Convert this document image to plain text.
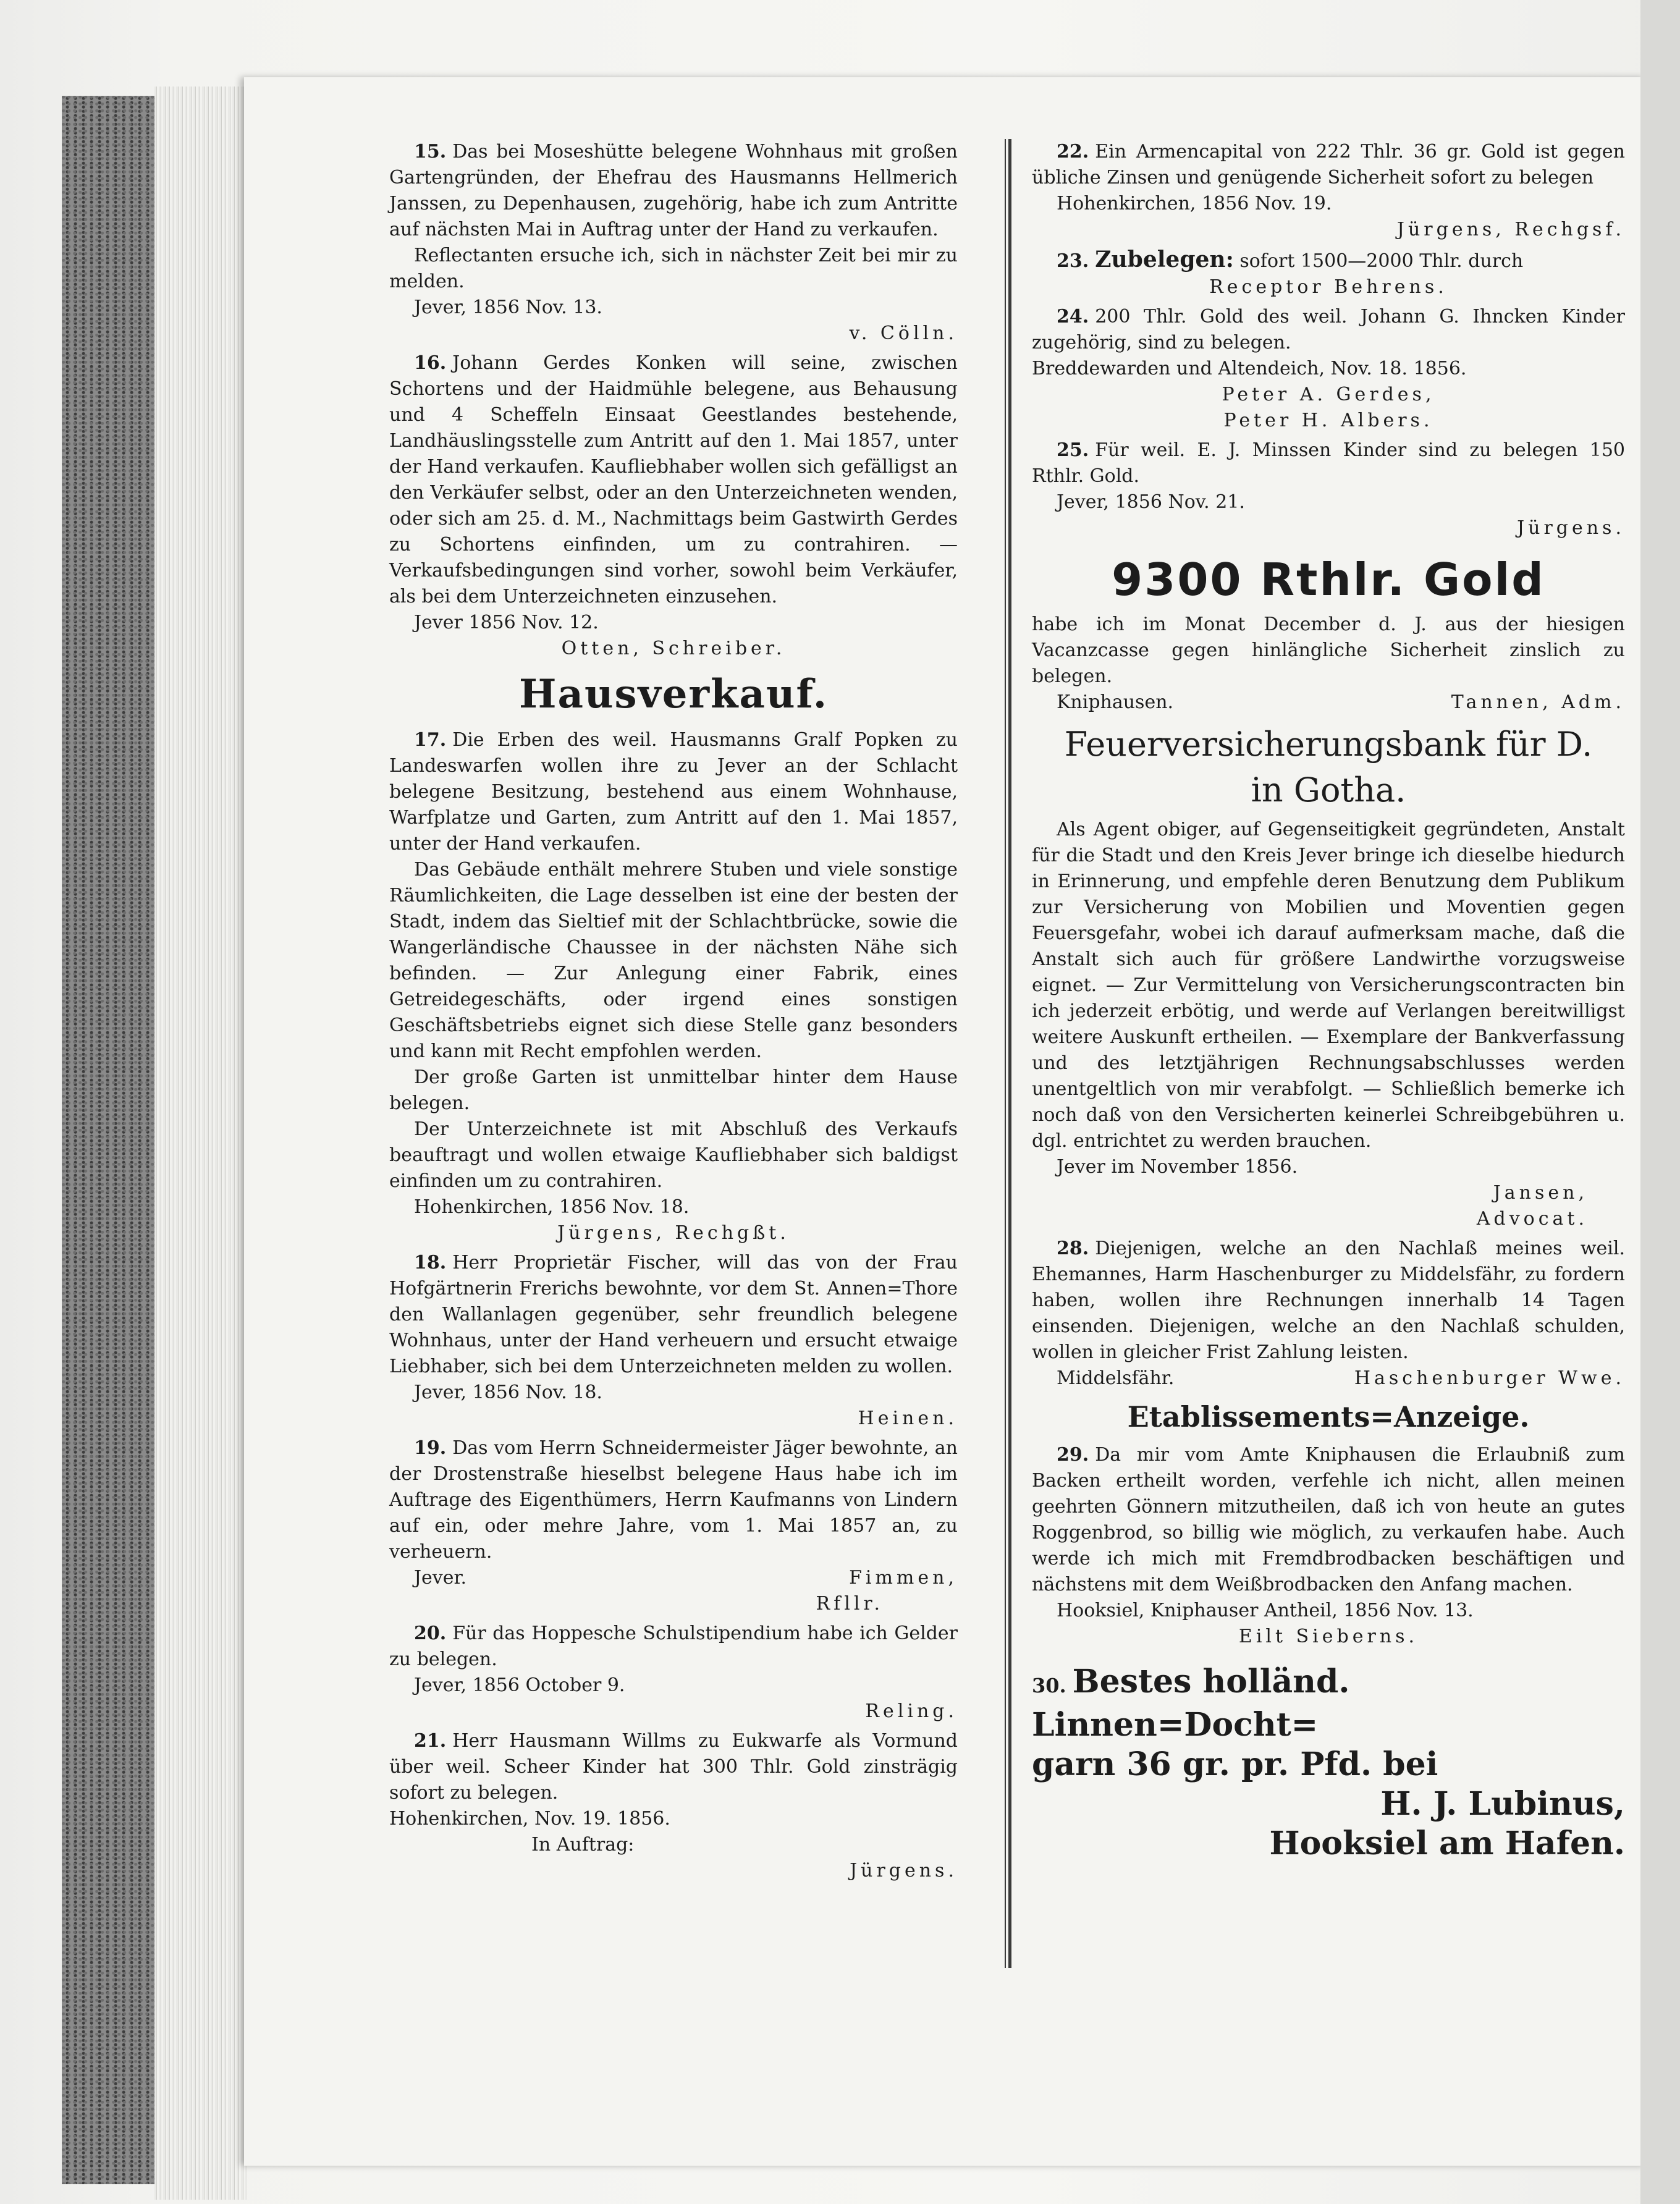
15. Das bei Moseshütte belegene Wohnhaus mit großen Gartengründen, der Ehefrau des Hausmanns Hellmerich Janssen, zu Depenhausen, zugehörig, habe ich zum Antritte auf nächsten Mai in Auftrag unter der Hand zu verkaufen.

Reflectanten ersuche ich, sich in nächster Zeit bei mir zu melden.

Jever, 1856 Nov. 13.

v. Cölln.

16. Johann Gerdes Konken will seine, zwischen Schortens und der Haidmühle belegene, aus Behausung und 4 Scheffeln Einsaat Geestlandes bestehende, Landhäuslingsstelle zum Antritt auf den 1. Mai 1857, unter der Hand verkaufen. Kaufliebhaber wollen sich gefälligst an den Verkäufer selbst, oder an den Unterzeichneten wenden, oder sich am 25. d. M., Nachmittags beim Gastwirth Gerdes zu Schortens einfinden, um zu contrahiren. — Verkaufsbedingungen sind vorher, sowohl beim Verkäufer, als bei dem Unterzeichneten einzusehen.

Jever 1856 Nov. 12.

Otten, Schreiber.

Hausverkauf.

17. Die Erben des weil. Hausmanns Gralf Popken zu Landeswarfen wollen ihre zu Jever an der Schlacht belegene Besitzung, bestehend aus einem Wohnhause, Warfplatze und Garten, zum Antritt auf den 1. Mai 1857, unter der Hand verkaufen.

Das Gebäude enthält mehrere Stuben und viele sonstige Räumlichkeiten, die Lage desselben ist eine der besten der Stadt, indem das Sieltief mit der Schlachtbrücke, sowie die Wangerländische Chaussee in der nächsten Nähe sich befinden. — Zur Anlegung einer Fabrik, eines Getreidegeschäfts, oder irgend eines sonstigen Geschäftsbetriebs eignet sich diese Stelle ganz besonders und kann mit Recht empfohlen werden.

Der große Garten ist unmittelbar hinter dem Hause belegen.

Der Unterzeichnete ist mit Abschluß des Verkaufs beauftragt und wollen etwaige Kaufliebhaber sich baldigst einfinden um zu contrahiren.

Hohenkirchen, 1856 Nov. 18.

Jürgens, Rechgßt.

18. Herr Proprietär Fischer, will das von der Frau Hofgärtnerin Frerichs bewohnte, vor dem St. Annen=Thore den Wallanlagen gegenüber, sehr freundlich belegene Wohnhaus, unter der Hand verheuern und ersucht etwaige Liebhaber, sich bei dem Unterzeichneten melden zu wollen.

Jever, 1856 Nov. 18.

Heinen.

19. Das vom Herrn Schneidermeister Jäger bewohnte, an der Drostenstraße hieselbst belegene Haus habe ich im Auftrage des Eigenthümers, Herrn Kaufmanns von Lindern auf ein, oder mehre Jahre, vom 1. Mai 1857 an, zu verheuern.

Jever.	Fimmen,

Rfllr.

20. Für das Hoppesche Schulstipendium habe ich Gelder zu belegen.

Jever, 1856 October 9.

Reling.

21. Herr Hausmann Willms zu Eukwarfe als Vormund über weil. Scheer Kinder hat 300 Thlr. Gold zinsträgig sofort zu belegen.

Hohenkirchen, Nov. 19. 1856.

In Auftrag:

Jürgens.

22. Ein Armencapital von 222 Thlr. 36 gr. Gold ist gegen übliche Zinsen und genügende Sicherheit sofort zu belegen

Hohenkirchen, 1856 Nov. 19.

Jürgens, Rechgsf.

23. Zubelegen: sofort 1500—2000 Thlr. durch

Receptor Behrens.

24. 200 Thlr. Gold des weil. Johann G. Ihncken Kinder zugehörig, sind zu belegen.

Breddewarden und Altendeich, Nov. 18. 1856.

Peter A. Gerdes,

Peter H. Albers.

25. Für weil. E. J. Minssen Kinder sind zu belegen 150 Rthlr. Gold.

Jever, 1856 Nov. 21.

Jürgens.

9300 Rthlr. Gold

habe ich im Monat December d. J. aus der hiesigen Vacanzcasse gegen hinlängliche Sicherheit zinslich zu belegen.

Kniphausen.	Tannen, Adm.
Feuerversicherungsbank für D.
in Gotha.

Als Agent obiger, auf Gegenseitigkeit gegründeten, Anstalt für die Stadt und den Kreis Jever bringe ich dieselbe hiedurch in Erinnerung, und empfehle deren Benutzung dem Publikum zur Versicherung von Mobilien und Moventien gegen Feuersgefahr, wobei ich darauf aufmerksam mache, daß die Anstalt sich auch für größere Landwirthe vorzugsweise eignet. — Zur Vermittelung von Versicherungscontracten bin ich jederzeit erbötig, und werde auf Verlangen bereitwilligst weitere Auskunft ertheilen. — Exemplare der Bankverfassung und des letztjährigen Rechnungsabschlusses werden unentgeltlich von mir verabfolgt. — Schließlich bemerke ich noch daß von den Versicherten keinerlei Schreibgebühren u. dgl. entrichtet zu werden brauchen.

Jever im November 1856.

Jansen,

Advocat.

28. Diejenigen, welche an den Nachlaß meines weil. Ehemannes, Harm Haschenburger zu Middelsfähr, zu fordern haben, wollen ihre Rechnungen innerhalb 14 Tagen einsenden. Diejenigen, welche an den Nachlaß schulden, wollen in gleicher Frist Zahlung leisten.

Middelsfähr.	Haschenburger Wwe.
Etablissements=Anzeige.

29. Da mir vom Amte Kniphausen die Erlaubniß zum Backen ertheilt worden, verfehle ich nicht, allen meinen geehrten Gönnern mitzutheilen, daß ich von heute an gutes Roggenbrod, so billig wie möglich, zu verkaufen habe. Auch werde ich mich mit Fremdbrodbacken beschäftigen und nächstens mit dem Weißbrodbacken den Anfang machen.

Hooksiel, Kniphauser Antheil, 1856 Nov. 13.

Eilt Sieberns.

30. Bestes holländ. Linnen=Docht=

garn 36 gr. pr. Pfd. bei

H. J. Lubinus,

Hooksiel am Hafen.
